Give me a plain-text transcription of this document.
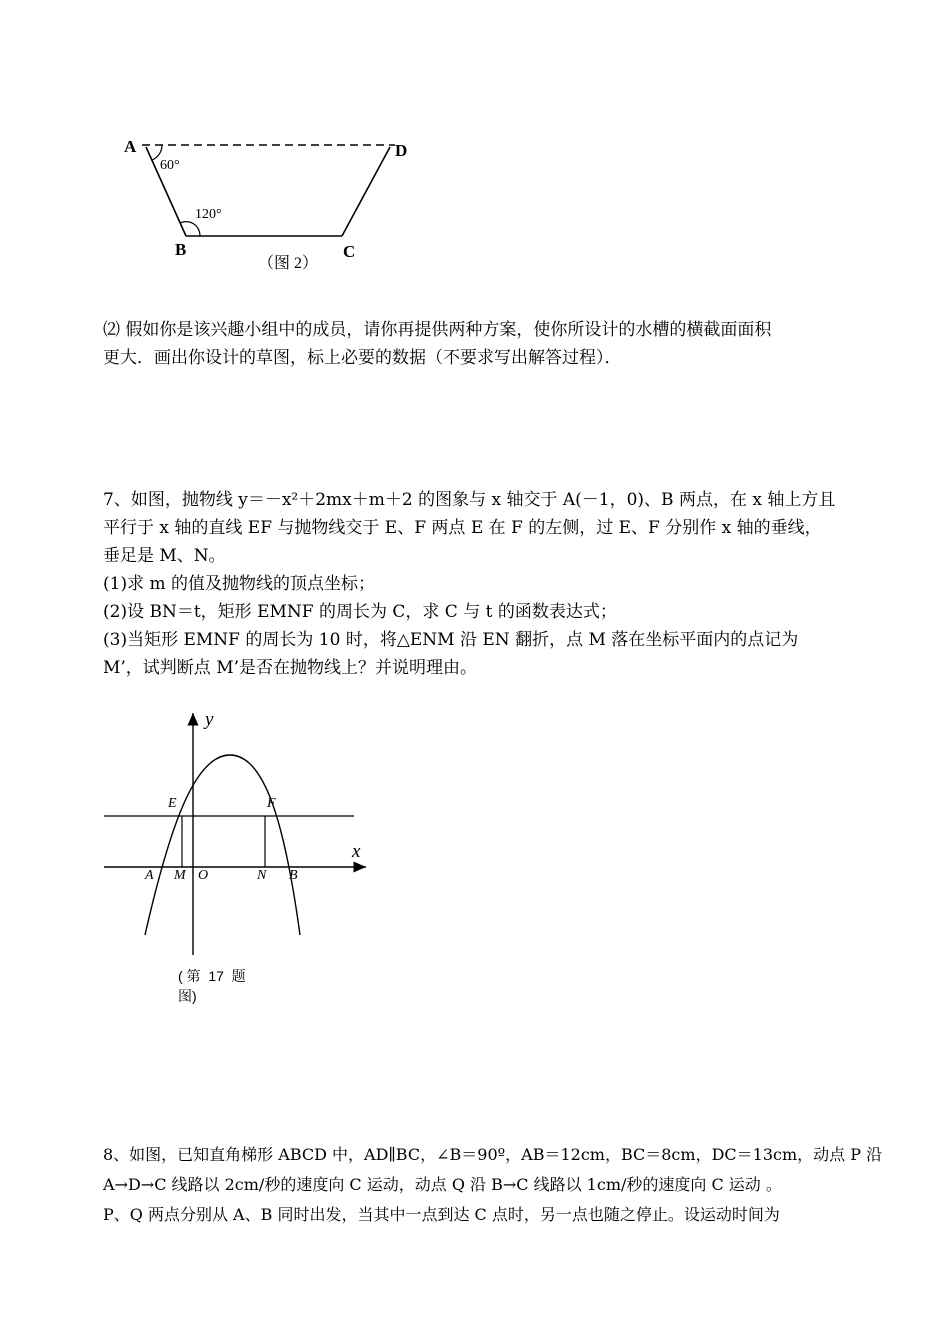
A	D
B	C
60°
120°
（图 2）
⑵ 假如你是该兴趣小组中的成员，请你再提供两种方案，使你所设计的水槽的横截面面积
更大．画出你设计的草图，标上必要的数据（不要求写出解答过程）．
7、如图，抛物线 y＝－x²＋2mx＋m＋2 的图象与 x 轴交于 A(－1，0)、B 两点，在 x 轴上方且
平行于 x 轴的直线 EF 与抛物线交于 E、F 两点 E 在 F 的左侧，过 E、F 分别作 x 轴的垂线，
垂足是 M、N。
(1)求 m 的值及抛物线的顶点坐标；
(2)设 BN＝t，矩形 EMNF 的周长为 C，求 C 与 t 的函数表达式；
(3)当矩形 EMNF 的周长为 10 时，将△ENM 沿 EN 翻折，点 M 落在坐标平面内的点记为
M’，试判断点 M’是否在抛物线上？并说明理由。
y
x
E	F
A M O	N B
( 第  17  题
图)
8、如图，已知直角梯形 ABCD 中，AD∥BC，∠B＝90º，AB＝12cm，BC＝8cm，DC＝13cm，动点 P 沿
A→D→C 线路以 2cm/秒的速度向 C 运动，动点 Q 沿 B→C 线路以 1cm/秒的速度向 C 运动 。
P、Q 两点分别从 A、B 同时出发，当其中一点到达 C 点时，另一点也随之停止。设运动时间为
